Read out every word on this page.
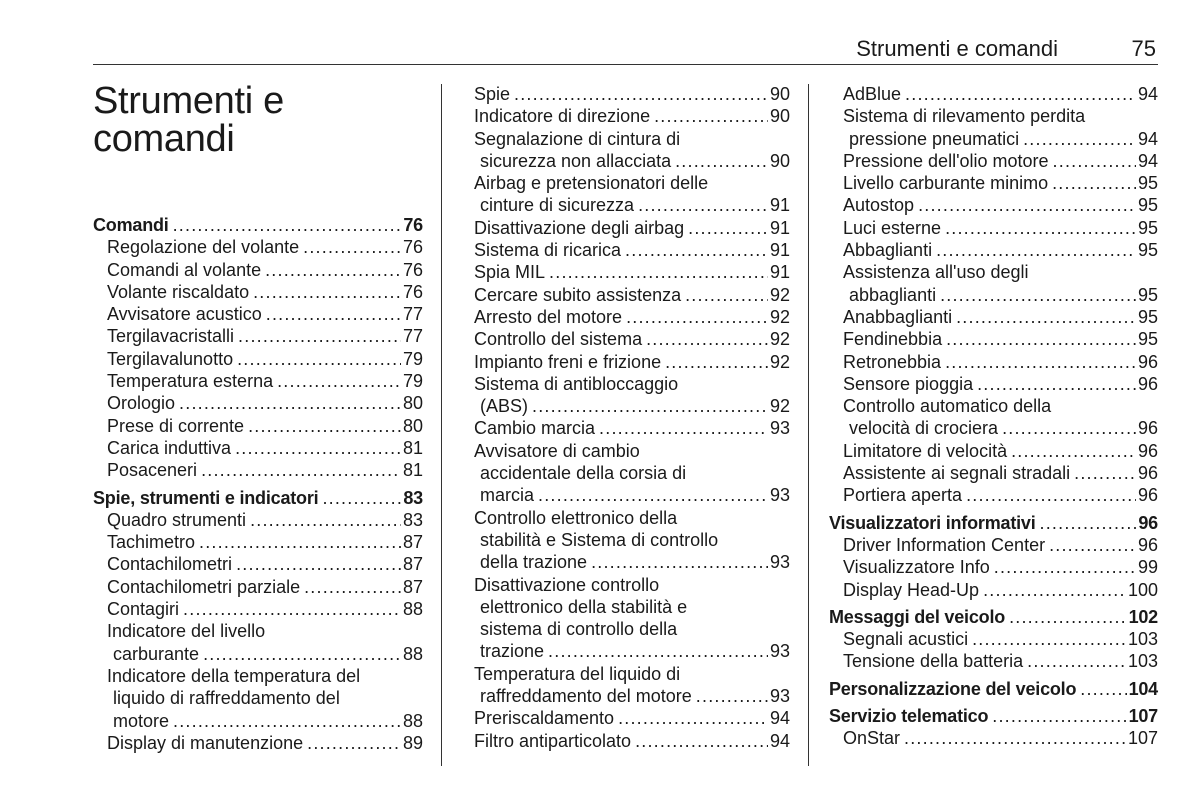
Strumenti e comandi	75
Strumenti e comandi
Comandi .....	76
Regolazione del volante .....	76
Comandi al volante .....	76
Volante riscaldato .....	76
Avvisatore acustico .....	77
Tergilavacristalli .....	77
Tergilavalunotto .....	79
Temperatura esterna .....	79
Orologio .....	80
Prese di corrente .....	80
Carica induttiva .....	81
Posaceneri .....	81
Spie, strumenti e indicatori .....	83
Quadro strumenti .....	83
Tachimetro .....	87
Contachilometri .....	87
Contachilometri parziale .....	87
Contagiri .....	88
Indicatore del livello
carburante .....	88
Indicatore della temperatura del
liquido di raffreddamento del
motore .....	88
Display di manutenzione .....	89
Spie .....	90
Indicatore di direzione .....	90
Segnalazione di cintura di
sicurezza non allacciata .....	90
Airbag e pretensionatori delle
cinture di sicurezza .....	91
Disattivazione degli airbag .....	91
Sistema di ricarica .....	91
Spia MIL .....	91
Cercare subito assistenza .....	92
Arresto del motore .....	92
Controllo del sistema .....	92
Impianto freni e frizione .....	92
Sistema di antibloccaggio
(ABS) .....	92
Cambio marcia .....	93
Avvisatore di cambio
accidentale della corsia di
marcia .....	93
Controllo elettronico della
stabilità e Sistema di controllo
della trazione .....	93
Disattivazione controllo
elettronico della stabilità e
sistema di controllo della
trazione .....	93
Temperatura del liquido di
raffreddamento del motore .....	93
Preriscaldamento .....	94
Filtro antiparticolato .....	94
AdBlue .....	94
Sistema di rilevamento perdita
pressione pneumatici .....	94
Pressione dell'olio motore .....	94
Livello carburante minimo .....	95
Autostop .....	95
Luci esterne .....	95
Abbaglianti .....	95
Assistenza all'uso degli
abbaglianti .....	95
Anabbaglianti .....	95
Fendinebbia .....	95
Retronebbia .....	96
Sensore pioggia .....	96
Controllo automatico della
velocità di crociera .....	96
Limitatore di velocità .....	96
Assistente ai segnali stradali .....	96
Portiera aperta .....	96
Visualizzatori informativi .....	96
Driver Information Center .....	96
Visualizzatore Info .....	99
Display Head-Up .....	100
Messaggi del veicolo .....	102
Segnali acustici .....	103
Tensione della batteria .....	103
Personalizzazione del veicolo .....	104
Servizio telematico .....	107
OnStar .....	107
